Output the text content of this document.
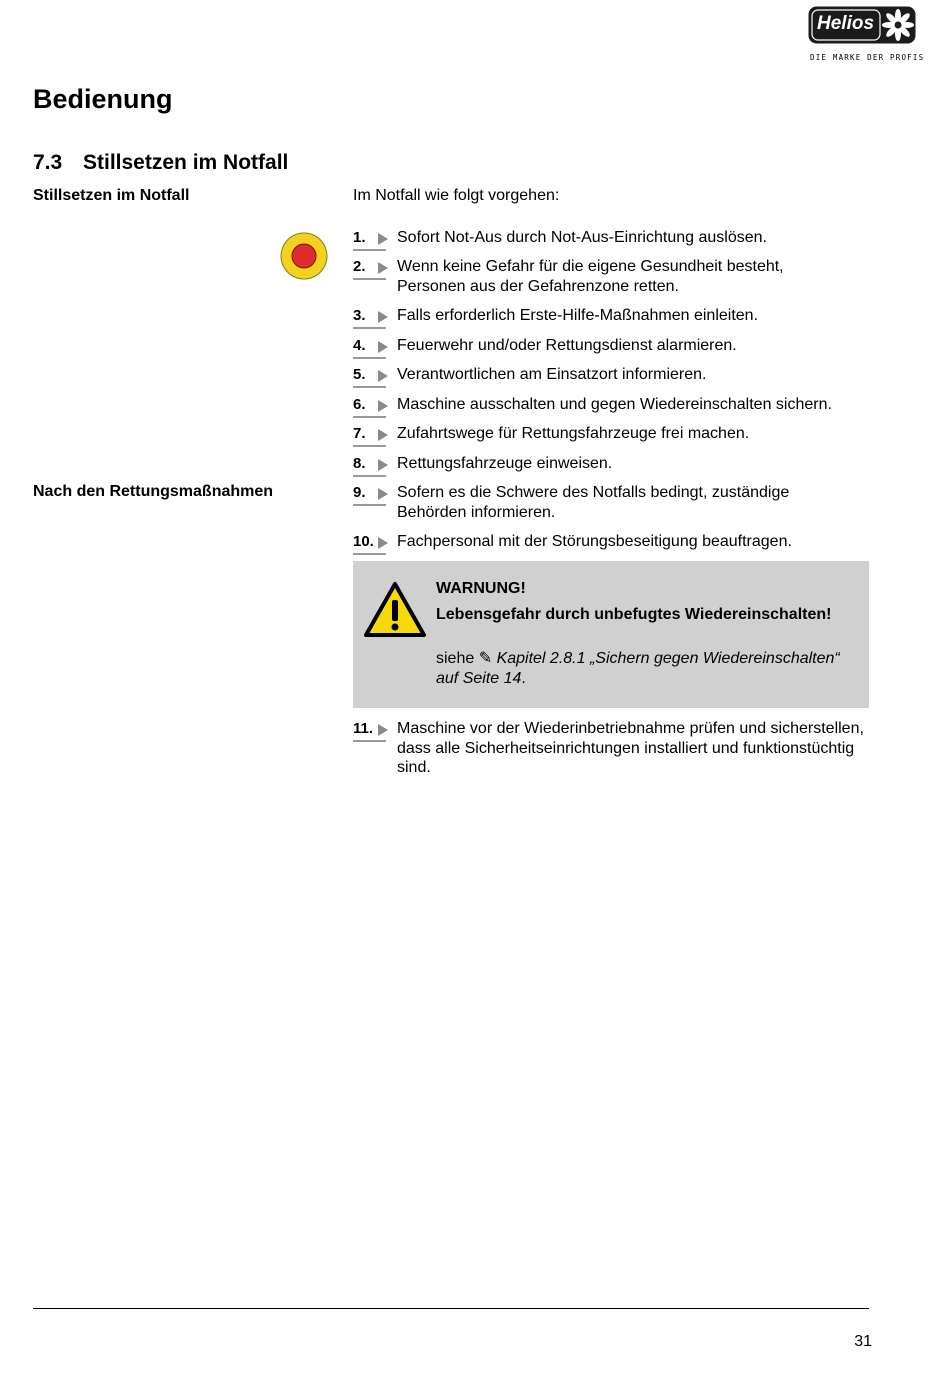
Helios
DIE MARKE DER PROFIS
Bedienung
7.3 Stillsetzen im Notfall
Stillsetzen im Notfall
Nach den Rettungsmaßnahmen
Im Notfall wie folgt vorgehen:
1.	Sofort Not-Aus durch Not-Aus-Einrichtung auslösen.
2.	Wenn keine Gefahr für die eigene Gesundheit besteht, Personen aus der Gefahrenzone retten.
3.	Falls erforderlich Erste-Hilfe-Maßnahmen einleiten.
4.	Feuerwehr und/oder Rettungsdienst alarmieren.
5.	Verantwortlichen am Einsatzort informieren.
6.	Maschine ausschalten und gegen Wiedereinschalten sichern.
7.	Zufahrtswege für Rettungsfahrzeuge frei machen.
8.	Rettungsfahrzeuge einweisen.
9.	Sofern es die Schwere des Notfalls bedingt, zuständige Behörden informieren.
10.	Fachpersonal mit der Störungsbeseitigung beauftragen.
WARNUNG!
Lebensgefahr durch unbefugtes Wiedereinschalten!
siehe ✎ Kapitel 2.8.1 „Sichern gegen Wiedereinschalten“ auf Seite 14.
11.	Maschine vor der Wiederinbetriebnahme prüfen und sicherstellen, dass alle Sicherheitseinrichtungen installiert und funktionstüchtig sind.
31
